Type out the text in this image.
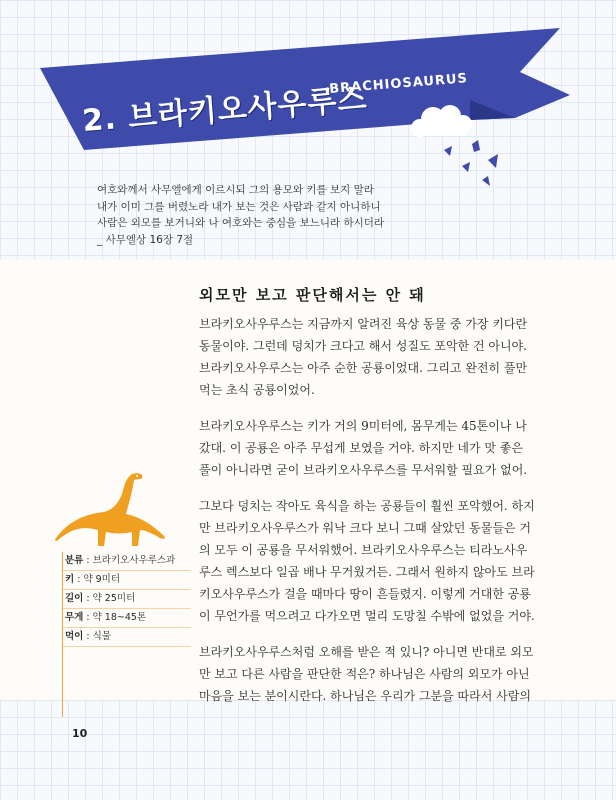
2. 브라키오사우루스
BRACHIOSAURUS

여호와께서 사무엘에게 이르시되 그의 용모와 키를 보지 말라

내가 이미 그를 버렸노라 내가 보는 것은 사람과 같지 아니하니

사람은 외모를 보거니와 나 여호와는 중심을 보느니라 하시더라

_ 사무엘상 16장 7절

외모만 보고 판단해서는 안 돼
브라키오사우루스는 지금까지 알려진 육상 동물 중 가장 키다란
동물이야. 그런데 덩치가 크다고 해서 성질도 포악한 건 아니야.
브라키오사우루스는 아주 순한 공룡이었대. 그리고 완전히 풀만
먹는 초식 공룡이었어.
브라키오사우루스는 키가 거의 9미터에, 몸무게는 45톤이나 나
갔대. 이 공룡은 아주 무섭게 보였을 거야. 하지만 네가 맛 좋은
풀이 아니라면 굳이 브라키오사우루스를 무서워할 필요가 없어.
그보다 덩치는 작아도 육식을 하는 공룡들이 훨씬 포악했어. 하지
만 브라키오사우루스가 워낙 크다 보니 그때 살았던 동물들은 거
의 모두 이 공룡을 무서워했어. 브라키오사우루스는 티라노사우
루스 렉스보다 일곱 배나 무거웠거든. 그래서 원하지 않아도 브라
키오사우루스가 걸을 때마다 땅이 흔들렸지. 이렇게 거대한 공룡
이 무언가를 먹으려고 다가오면 멀리 도망칠 수밖에 없었을 거야.
브라키오사우루스처럼 오해를 받은 적 있니? 아니면 반대로 외모
만 보고 다른 사람을 판단한 적은? 하나님은 사람의 외모가 아닌
마음을 보는 분이시란다. 하나님은 우리가 그분을 따라서 사람의
분류 : 브라키오사우루스과
키 : 약 9미터
길이 : 약 25미터
무게 : 약 18~45톤
먹이 : 식물
10
